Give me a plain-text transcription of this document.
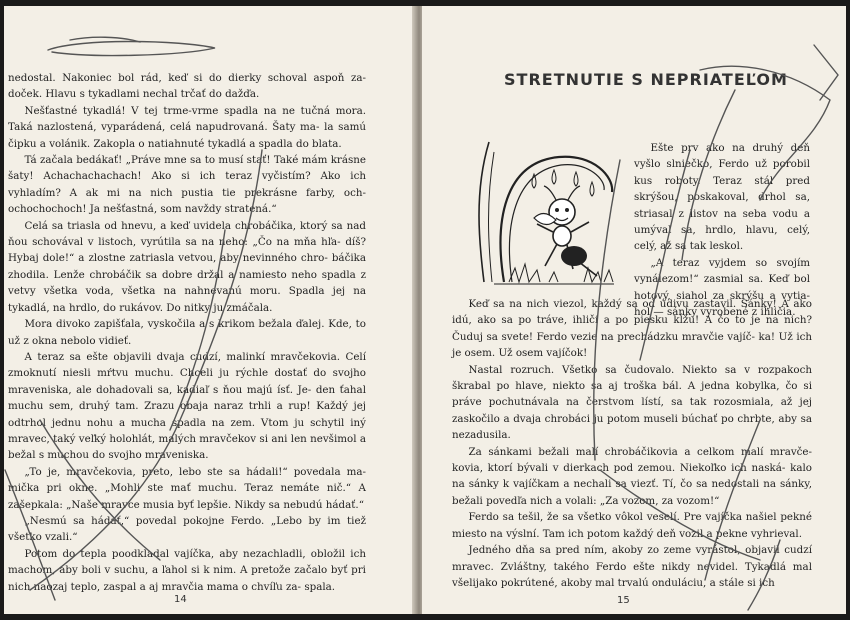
nedostal. Nakoniec bol rád, keď si do dierky schoval aspoň za- doček. Hlavu s tykadlami nechal trčať do dažďa.

Nešťastné tykadlá! V tej trme-vrme spadla na ne tučná mora. Taká nazlostená, vyparádená, celá napudrovaná. Šaty ma- la samú čipku a volánik. Zakopla o natiahnuté tykadlá a spadla do blata.

Tá začala bedákať! „Práve mne sa to musí stať! Také mám krásne šaty! Achachachachach! Ako si ich teraz vyčistím? Ako ich vyhladím? A ak mi na nich pustia tie prekrásne farby, och- ochochochoch! Ja nešťastná, som navždy stratená.“

Celá sa triasla od hnevu, a keď uvidela chrobáčika, ktorý sa nad ňou schovával v listoch, vyrútila sa na neho: „Čo na mňa hľa- díš? Hybaj dole!“ a zlostne zatriasla vetvou, aby nevinného chro- báčika zhodila. Lenže chrobáčik sa dobre držal a namiesto neho spadla z vetvy všetka voda, všetka na nahnevanú moru. Spadla jej na tykadlá, na hrdlo, do rukávov. Do nitky ju zmáčala.

Mora divoko zapišťala, vyskočila a s krikom bežala ďalej. Kde, to už z okna nebolo vidieť.

A teraz sa ešte objavili dvaja cudzí, malinkí mravčekovia. Celí zmoknutí niesli mŕtvu muchu. Chceli ju rýchle dostať do svojho mraveniska, ale dohadovali sa, kadiaľ s ňou majú ísť. Je- den ťahal muchu sem, druhý tam. Zrazu obaja naraz trhli a rup! Každý jej odtrhol jednu nohu a mucha spadla na zem. Vtom ju schytil iný mravec, taký veľký holohlát, malých mravčekov si ani len nevšimol a bežal s muchou do svojho mraveniska.

„To je, mravčekovia, preto, lebo ste sa hádali!“ povedala ma- mička pri okne. „Mohli ste mať muchu. Teraz nemáte nič.“ A zašepkala: „Naše mravce musia byť lepšie. Nikdy sa nebudú hádať.“

„Nesmú sa hádať,“ povedal pokojne Ferdo. „Lebo by im tiež všetko vzali.“

Potom do tepla poodkladal vajíčka, aby nezachladli, obložil ich machom, aby boli v suchu, a ľahol si k nim. A pretože začalo byť pri nich naozaj teplo, zaspal a aj mravčia mama o chvíľu za- spala.

14
STRETNUTIE S NEPRIATEĽOM

Ešte prv ako na druhý deň vyšlo slniečko, Ferdo už porobil kus roboty. Teraz stál pred skrýšou, poskakoval, drhol sa, striasal z listov na seba vodu a umýval sa, hrdlo, hlavu, celý, celý, až sa tak leskol.

„A teraz vyjdem so svojím vynálezom!“ zasmial sa. Keď bol hotový, siahol za skrýšu a vytia- hol — sánky vyrobené z ihličia.

Keď sa na nich viezol, každý sa od údivu zastavil. Sánky! A ako idú, ako sa po tráve, ihličí a po piesku kĺžu! A čo to je na nich? Čuduj sa svete! Ferdo vezie na prechádzku mravčie vajíč- ka! Už ich je osem. Už osem vajíčok!

Nastal rozruch. Všetko sa čudovalo. Niekto sa v rozpakoch škrabal po hlave, niekto sa aj troška bál. A jedna kobylka, čo si práve pochutnávala na čerstvom lístí, sa tak rozosmiala, až jej zaskočilo a dvaja chrobáci ju potom museli búchať po chrbte, aby sa nezadusila.

Za sánkami bežali malí chrobáčikovia a celkom malí mravče- kovia, ktorí bývali v dierkach pod zemou. Niekoľko ich naská- kalo na sánky k vajíčkam a nechali sa viezť. Tí, čo sa nedostali na sánky, bežali povedľa nich a volali: „Za vozom, za vozom!“

Ferdo sa tešil, že sa všetko vôkol veselí. Pre vajíčka našiel pekné miesto na výslní. Tam ich potom každý deň vozil a pekne vyhrieval.

Jedného dňa sa pred ním, akoby zo zeme vyrástol, objavil cudzí mravec. Zvláštny, takého Ferdo ešte nikdy nevidel. Tykadlá mal všelijako pokrútené, akoby mal trvalú onduláciu, a stále si ich

15
